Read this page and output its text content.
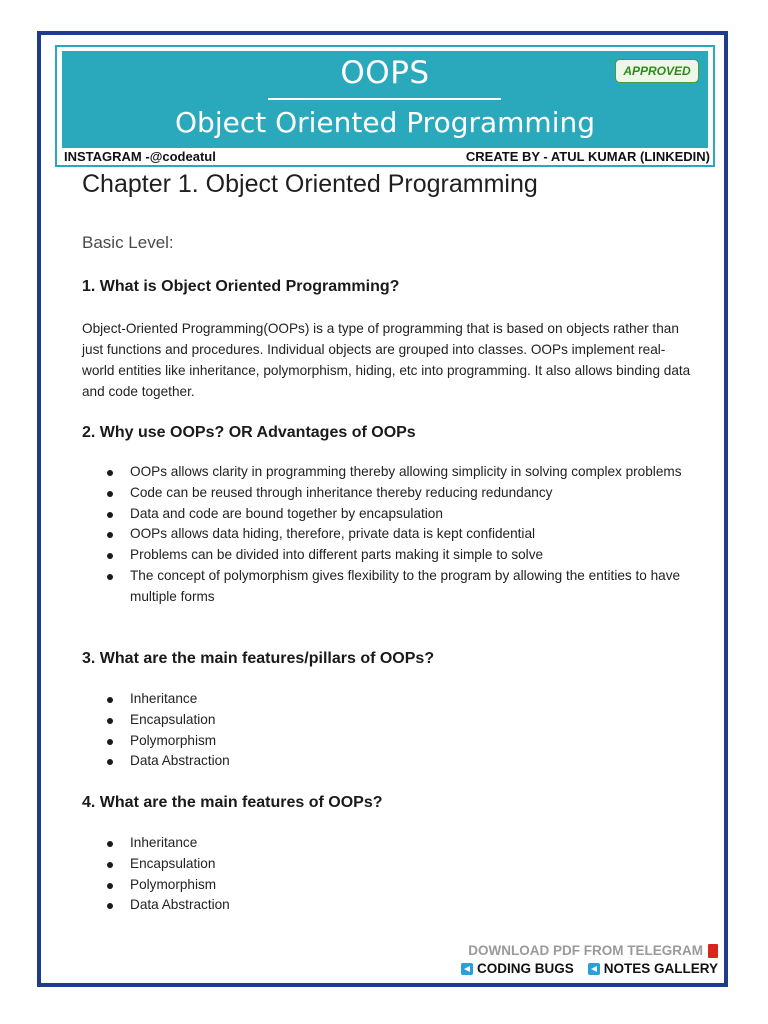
OOPS
Object Oriented Programming
APPROVED
INSTAGRAM -@codeatul	CREATE BY - ATUL KUMAR (LINKEDIN)
Chapter 1. Object Oriented Programming
Basic Level:
1. What is Object Oriented Programming?
Object-Oriented Programming(OOPs) is a type of programming that is based on objects rather than just functions and procedures. Individual objects are grouped into classes. OOPs implement real-world entities like inheritance, polymorphism, hiding, etc into programming. It also allows binding data and code together.
2. Why use OOPs? OR Advantages of OOPs
OOPs allows clarity in programming thereby allowing simplicity in solving complex problems
Code can be reused through inheritance thereby reducing redundancy
Data and code are bound together by encapsulation
OOPs allows data hiding, therefore, private data is kept confidential
Problems can be divided into different parts making it simple to solve
The concept of polymorphism gives flexibility to the program by allowing the entities to have multiple forms
3. What are the main features/pillars of OOPs?
Inheritance
Encapsulation
Polymorphism
Data Abstraction
4. What are the main features of OOPs?
Inheritance
Encapsulation
Polymorphism
Data Abstraction
DOWNLOAD PDF FROM TELEGRAM
CODING BUGS NOTES GALLERY
